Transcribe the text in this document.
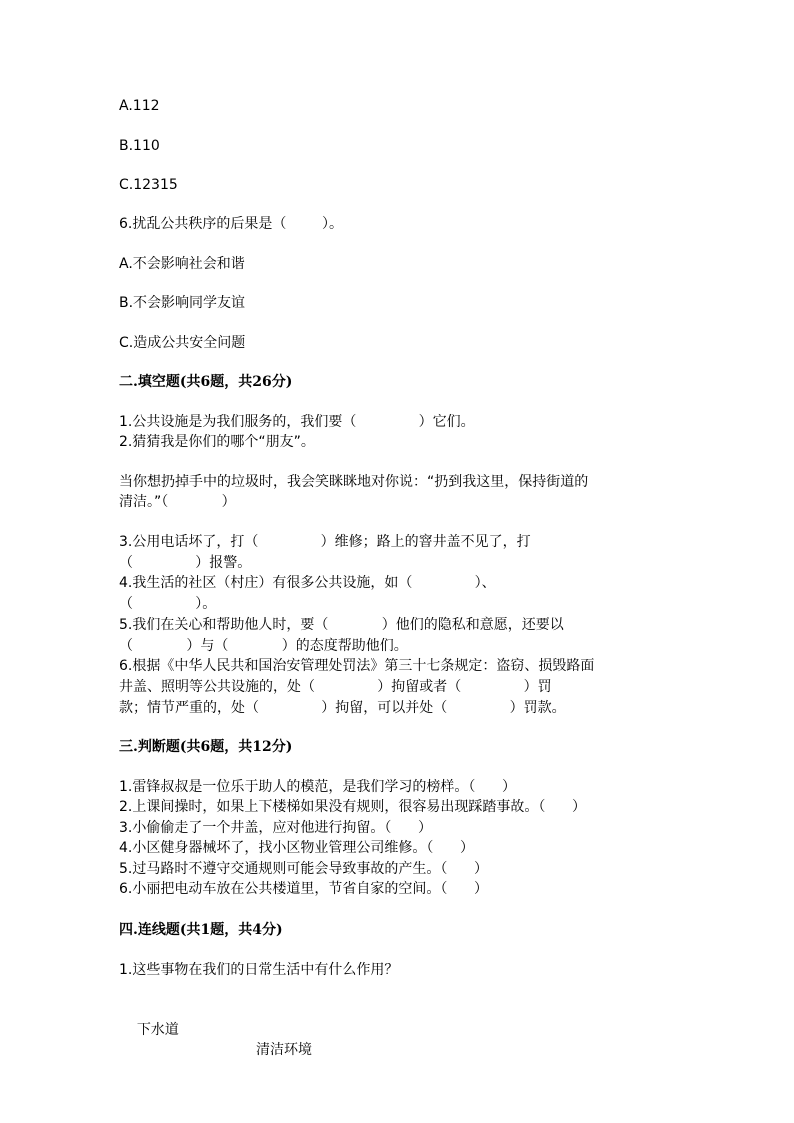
A.112
B.110
C.12315
6.扰乱公共秩序的后果是（        ）。
A.不会影响社会和谐
B.不会影响同学友谊
C.造成公共安全问题
二.填空题(共6题，共26分)
1.公共设施是为我们服务的，我们要（              ）它们。
2.猜猜我是你们的哪个“朋友”。
当你想扔掉手中的垃圾时，我会笑眯眯地对你说：“扔到我这里，保持街道的
清洁。”（            ）
3.公用电话坏了，打（              ）维修；路上的窨井盖不见了，打
（              ）报警。
4.我生活的社区（村庄）有很多公共设施，如（              ）、
（              ）。
5.我们在关心和帮助他人时，要（            ）他们的隐私和意愿，还要以
（            ）与（            ）的态度帮助他们。
6.根据《中华人民共和国治安管理处罚法》第三十七条规定：盗窃、损毁路面
井盖、照明等公共设施的，处（              ）拘留或者（              ）罚
款；情节严重的，处（              ）拘留，可以并处（              ）罚款。
三.判断题(共6题，共12分)
1.雷锋叔叔是一位乐于助人的模范，是我们学习的榜样。（      ）
2.上课间操时，如果上下楼梯如果没有规则，很容易出现踩踏事故。（      ）
3.小偷偷走了一个井盖，应对他进行拘留。（      ）
4.小区健身器械坏了，找小区物业管理公司维修。（      ）
5.过马路时不遵守交通规则可能会导致事故的产生。（      ）
6.小丽把电动车放在公共楼道里，节省自家的空间。（      ）
四.连线题(共1题，共4分)
1.这些事物在我们的日常生活中有什么作用？

下水道

清洁环境
